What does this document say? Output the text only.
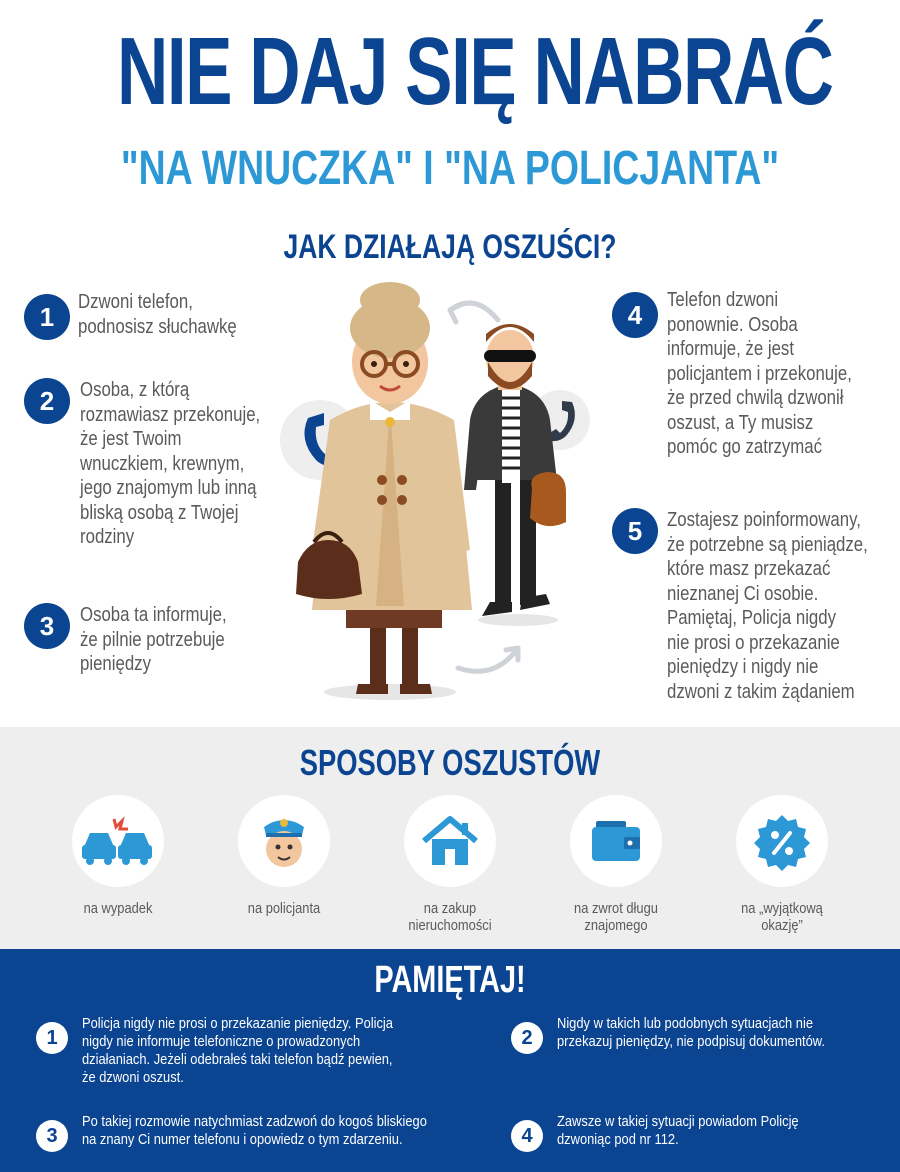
NIE DAJ SIĘ NABRAĆ
"NA WNUCZKA" I "NA POLICJANTA"
JAK DZIAŁAJĄ OSZUŚCI?
1	Dzwoni telefon,
podnosisz słuchawkę
2	Osoba, z którą
rozmawiasz przekonuje,
że jest Twoim
wnuczkiem, krewnym,
jego znajomym lub inną
bliską osobą z Twojej
rodziny
3	Osoba ta informuje,
że pilnie potrzebuje
pieniędzy
4	Telefon dzwoni
ponownie. Osoba
informuje, że jest
policjantem i przekonuje,
że przed chwilą dzwonił
oszust, a Ty musisz
pomóc go zatrzymać
5	Zostajesz poinformowany,
że potrzebne są pieniądze,
które masz przekazać
nieznanej Ci osobie.
Pamiętaj, Policja nigdy
nie prosi o przekazanie
pieniędzy i nigdy nie
dzwoni z takim żądaniem
SPOSOBY OSZUSTÓW
na wypadek	na policjanta	na zakup
nieruchomości
na zwrot długu
znajomego
na „wyjątkową
okazję”
PAMIĘTAJ!
1
Policja nigdy nie prosi o przekazanie pieniędzy. Policja
nigdy nie informuje telefoniczne o prowadzonych
działaniach. Jeżeli odebrałeś taki telefon bądź pewien,
że dzwoni oszust.
2
Nigdy w takich lub podobnych sytuacjach nie
przekazuj pieniędzy, nie podpisuj dokumentów.
3
Po takiej rozmowie natychmiast zadzwoń do kogoś bliskiego
na znany Ci numer telefonu i opowiedz o tym zdarzeniu.	4
Zawsze w takiej sytuacji powiadom Policję
dzwoniąc pod nr 112.
